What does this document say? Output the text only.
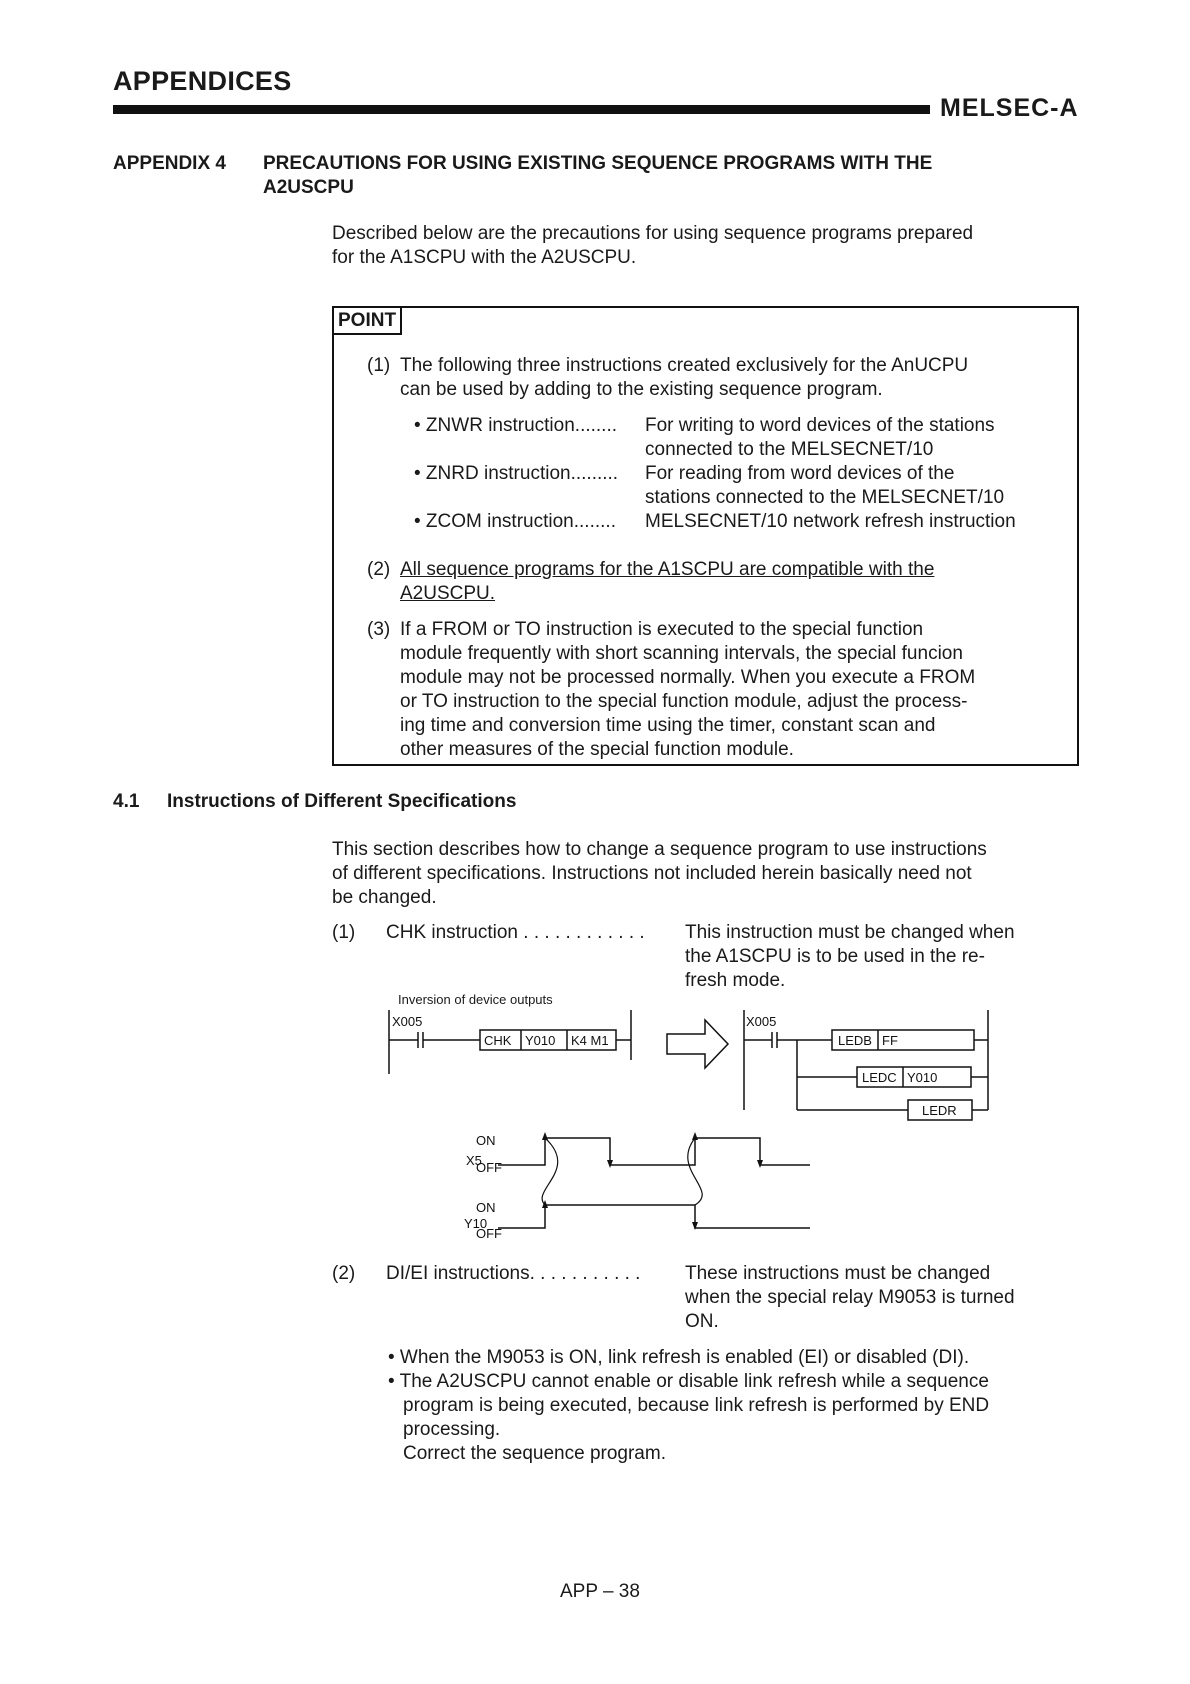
APPENDICES
MELSEC-A
APPENDIX 4 PRECAUTIONS FOR USING EXISTING SEQUENCE PROGRAMS WITH THE
A2USCPU
Described below are the precautions for using sequence programs prepared
for the A1SCPU with the A2USCPU.
POINT
(1) The following three instructions created exclusively for the AnUCPU
can be used by adding to the existing sequence program.
• ZNWR instruction........ For writing to word devices of the stations
connected to the MELSECNET/10
• ZNRD instruction......... For reading from word devices of the
stations connected to the MELSECNET/10
• ZCOM instruction........ MELSECNET/10 network refresh instruction
(2) All sequence programs for the A1SCPU are compatible with the
A2USCPU.
(3) If a FROM or TO instruction is executed to the special function
module frequently with short scanning intervals, the special funcion
module may not be processed normally. When you execute a FROM
or TO instruction to the special function module, adjust the process-
ing time and conversion time using the timer, constant scan and
other measures of the special function module.
4.1 Instructions of Different Specifications
This section describes how to change a sequence program to use instructions
of different specifications. Instructions not included herein basically need not
be changed.
(1) CHK instruction . . . . . . . . . . . . This instruction must be changed when
the A1SCPU is to be used in the re-
fresh mode.
Inversion of device outputs
X005
CHK Y010 K4 M1
X005
LEDB FF
LEDC Y010
LEDR
X5
ON
OFF
Y10
ON
OFF
(2) DI/EI instructions. . . . . . . . . . . These instructions must be changed
when the special relay M9053 is turned
ON.
• When the M9053 is ON, link refresh is enabled (EI) or disabled (DI).
• The A2USCPU cannot enable or disable link refresh while a sequence
program is being executed, because link refresh is performed by END
processing.
Correct the sequence program.
APP – 38
